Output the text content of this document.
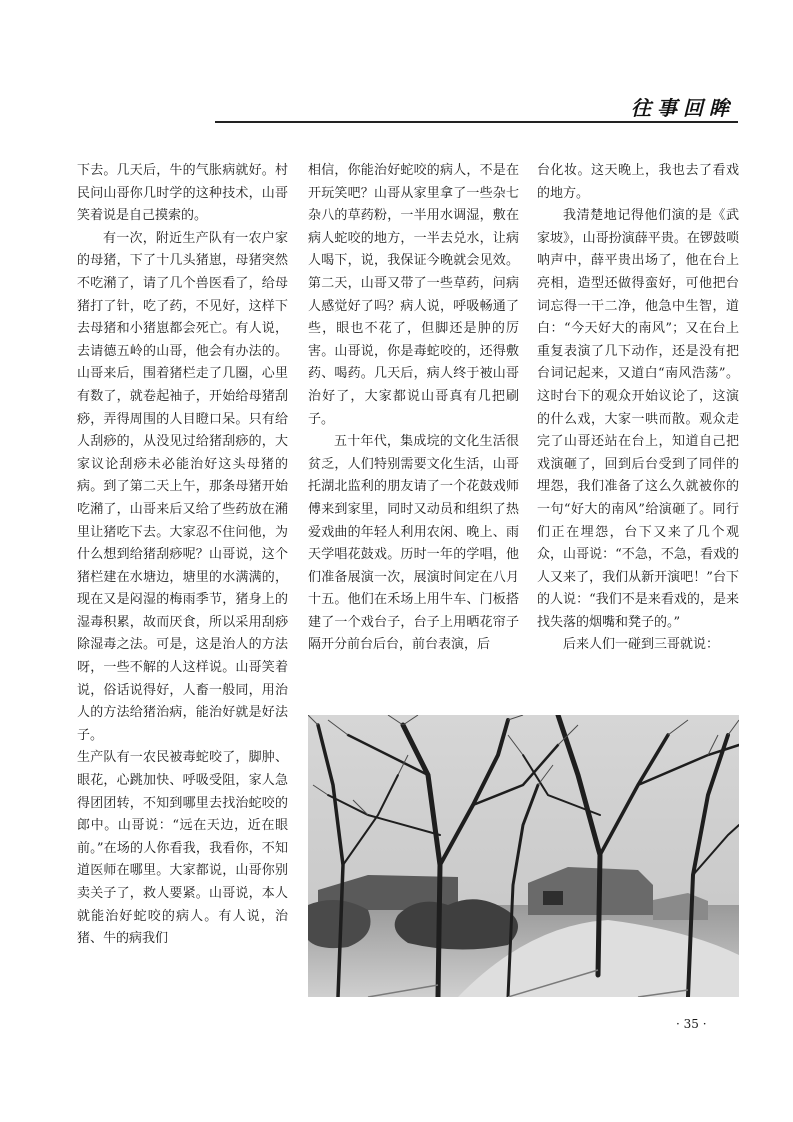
往事回眸

下去。几天后，牛的气胀病就好。村民问山哥你几时学的这种技术，山哥笑着说是自己摸索的。

有一次，附近生产队有一农户家的母猪，下了十几头猪崽，母猪突然不吃潲了，请了几个兽医看了，给母猪打了针，吃了药，不见好，这样下去母猪和小猪崽都会死亡。有人说，去请德五岭的山哥，他会有办法的。山哥来后，围着猪栏走了几圈，心里有数了，就卷起袖子，开始给母猪刮痧，弄得周围的人目瞪口呆。只有给人刮痧的，从没见过给猪刮痧的，大家议论刮痧未必能治好这头母猪的病。到了第二天上午，那条母猪开始吃潲了，山哥来后又给了些药放在潲里让猪吃下去。大家忍不住问他，为什么想到给猪刮痧呢？山哥说，这个猪栏建在水塘边，塘里的水满满的，现在又是闷湿的梅雨季节，猪身上的湿毒积累，故而厌食，所以采用刮痧除湿毒之法。可是，这是治人的方法呀，一些不解的人这样说。山哥笑着说，俗话说得好，人畜一般同，用治人的方法给猪治病，能治好就是好法子。

生产队有一农民被毒蛇咬了，脚肿、眼花，心跳加快、呼吸受阻，家人急得团团转，不知到哪里去找治蛇咬的郎中。山哥说：“远在天边，近在眼前。”在场的人你看我，我看你，不知道医师在哪里。大家都说，山哥你别卖关子了，救人要紧。山哥说，本人就能治好蛇咬的病人。有人说，治猪、牛的病我们

相信，你能治好蛇咬的病人，不是在开玩笑吧？山哥从家里拿了一些杂七杂八的草药粉，一半用水调湿，敷在病人蛇咬的地方，一半去兑水，让病人喝下，说，我保证今晚就会见效。第二天，山哥又带了一些草药，问病人感觉好了吗？病人说，呼吸畅通了些，眼也不花了，但脚还是肿的厉害。山哥说，你是毒蛇咬的，还得敷药、喝药。几天后，病人终于被山哥治好了，大家都说山哥真有几把刷子。

五十年代，集成垸的文化生活很贫乏，人们特别需要文化生活，山哥托湖北监利的朋友请了一个花鼓戏师傅来到家里，同时又动员和组织了热爱戏曲的年轻人利用农闲、晚上、雨天学唱花鼓戏。历时一年的学唱，他们准备展演一次，展演时间定在八月十五。他们在禾场上用牛车、门板搭建了一个戏台子，台子上用晒花帘子隔开分前台后台，前台表演，后

台化妆。这天晚上，我也去了看戏的地方。

我清楚地记得他们演的是《武家坡》，山哥扮演薛平贵。在锣鼓唢呐声中，薛平贵出场了，他在台上亮相，造型还做得蛮好，可他把台词忘得一干二净，他急中生智，道白：“今天好大的南风”；又在台上重复表演了几下动作，还是没有把台词记起来，又道白“南风浩荡”。这时台下的观众开始议论了，这演的什么戏，大家一哄而散。观众走完了山哥还站在台上，知道自己把戏演砸了，回到后台受到了同伴的埋怨，我们准备了这么久就被你的一句“好大的南风”给演砸了。同行们正在埋怨，台下又来了几个观众，山哥说：“不急，不急，看戏的人又来了，我们从新开演吧！”台下的人说：“我们不是来看戏的，是来找失落的烟嘴和凳子的。”

后来人们一碰到三哥就说：

· 35 ·
